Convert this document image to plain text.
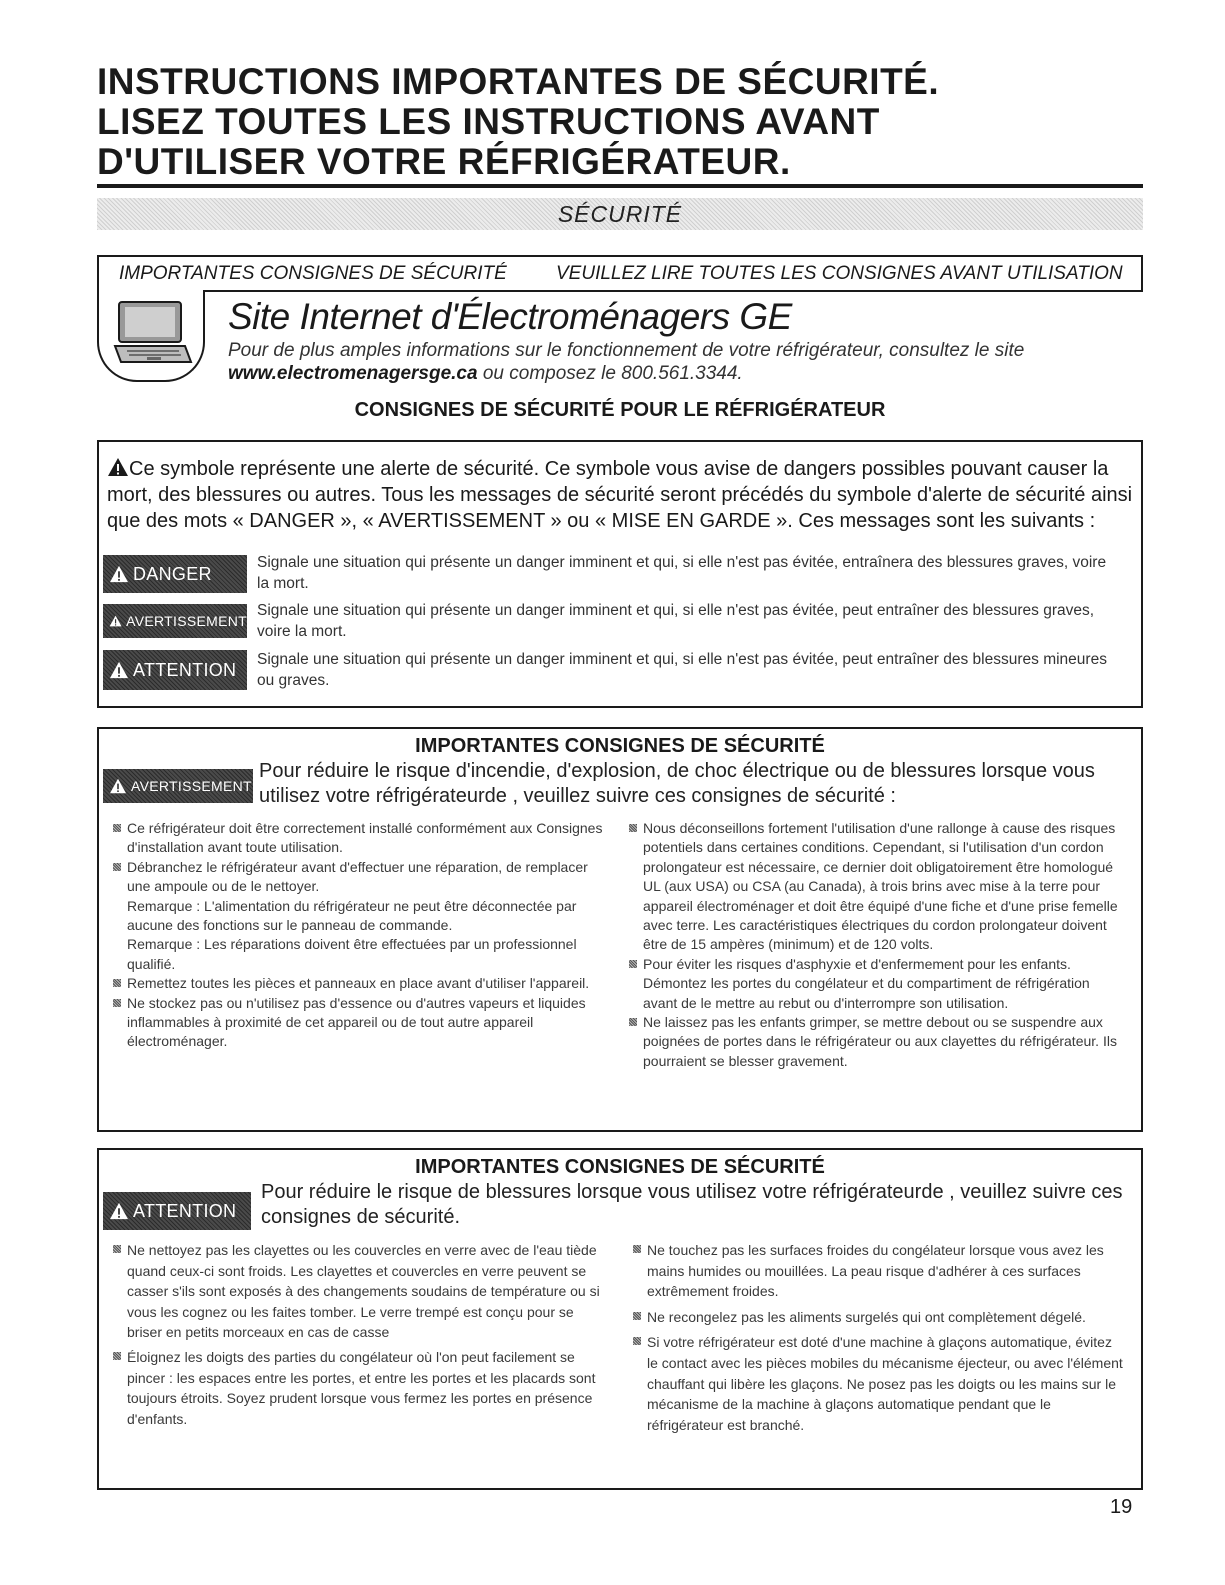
INSTRUCTIONS IMPORTANTES DE SÉCURITÉ.
LISEZ TOUTES LES INSTRUCTIONS AVANT
D'UTILISER VOTRE RÉFRIGÉRATEUR.
SÉCURITÉ
IMPORTANTES CONSIGNES DE SÉCURITÉ	VEUILLEZ LIRE TOUTES LES CONSIGNES AVANT UTILISATION
Site Internet d'Électroménagers GE
Pour de plus amples informations sur le fonctionnement de votre réfrigérateur, consultez le site www.electromenagersge.ca ou composez le 800.561.3344.
CONSIGNES DE SÉCURITÉ POUR LE RÉFRIGÉRATEUR
Ce symbole représente une alerte de sécurité. Ce symbole vous avise de dangers possibles pouvant causer la mort, des blessures ou autres. Tous les messages de sécurité seront précédés du symbole d'alerte de sécurité ainsi que des mots « DANGER », « AVERTISSEMENT » ou « MISE EN GARDE ». Ces messages sont les suivants :
DANGER
Signale une situation qui présente un danger imminent et qui, si elle n'est pas évitée, entraînera des blessures graves, voire la mort.
AVERTISSEMENT
Signale une situation qui présente un danger imminent et qui, si elle n'est pas évitée, peut entraîner des blessures graves, voire la mort.
ATTENTION Signale une situation qui présente un danger imminent et qui, si elle n'est pas évitée, peut entraîner des blessures mineures ou graves.
IMPORTANTES CONSIGNES DE SÉCURITÉ
AVERTISSEMENT
Pour réduire le risque d'incendie, d'explosion, de choc électrique ou de blessures lorsque vous utilisez votre réfrigérateurde , veuillez suivre ces consignes de sécurité :

Ce réfrigérateur doit être correctement installé conformément aux Consignes d'installation avant toute utilisation.

Débranchez le réfrigérateur avant d'effectuer une réparation, de remplacer une ampoule ou de le nettoyer.

Remarque : L'alimentation du réfrigérateur ne peut être déconnectée par aucune des fonctions sur le panneau de commande.

Remarque : Les réparations doivent être effectuées par un professionnel qualifié.

Remettez toutes les pièces et panneaux en place avant d'utiliser l'appareil.

Ne stockez pas ou n'utilisez pas d'essence ou d'autres vapeurs et liquides inflammables à proximité de cet appareil ou de tout autre appareil électroménager.

Nous déconseillons fortement l'utilisation d'une rallonge à cause des risques potentiels dans certaines conditions. Cependant, si l'utilisation d'un cordon prolongateur est nécessaire, ce dernier doit obligatoirement être homologué UL (aux USA) ou CSA (au Canada), à trois brins avec mise à la terre pour appareil électroménager et doit être équipé d'une fiche et d'une prise femelle avec terre. Les caractéristiques électriques du cordon prolongateur doivent être de 15 ampères (minimum) et de 120 volts.

Pour éviter les risques d'asphyxie et d'enfermement pour les enfants. Démontez les portes du congélateur et du compartiment de réfrigération avant de le mettre au rebut ou d'interrompre son utilisation.

Ne laissez pas les enfants grimper, se mettre debout ou se suspendre aux poignées de portes dans le réfrigérateur ou aux clayettes du réfrigérateur. Ils pourraient se blesser gravement.

IMPORTANTES CONSIGNES DE SÉCURITÉ
ATTENTION
Pour réduire le risque de blessures lorsque vous utilisez votre réfrigérateurde , veuillez suivre ces consignes de sécurité.

Ne nettoyez pas les clayettes ou les couvercles en verre avec de l'eau tiède quand ceux-ci sont froids. Les clayettes et couvercles en verre peuvent se casser s'ils sont exposés à des changements soudains de température ou si vous les cognez ou les faites tomber. Le verre trempé est conçu pour se briser en petits morceaux en cas de casse

Éloignez les doigts des parties du congélateur où l'on peut facilement se pincer : les espaces entre les portes, et entre les portes et les placards sont toujours étroits. Soyez prudent lorsque vous fermez les portes en présence d'enfants.

Ne touchez pas les surfaces froides du congélateur lorsque vous avez les mains humides ou mouillées. La peau risque d'adhérer à ces surfaces extrêmement froides.

Ne recongelez pas les aliments surgelés qui ont complètement dégelé.

Si votre réfrigérateur est doté d'une machine à glaçons automatique, évitez le contact avec les pièces mobiles du mécanisme éjecteur, ou avec l'élément chauffant qui libère les glaçons. Ne posez pas les doigts ou les mains sur le mécanisme de la machine à glaçons automatique pendant que le réfrigérateur est branché.

19
